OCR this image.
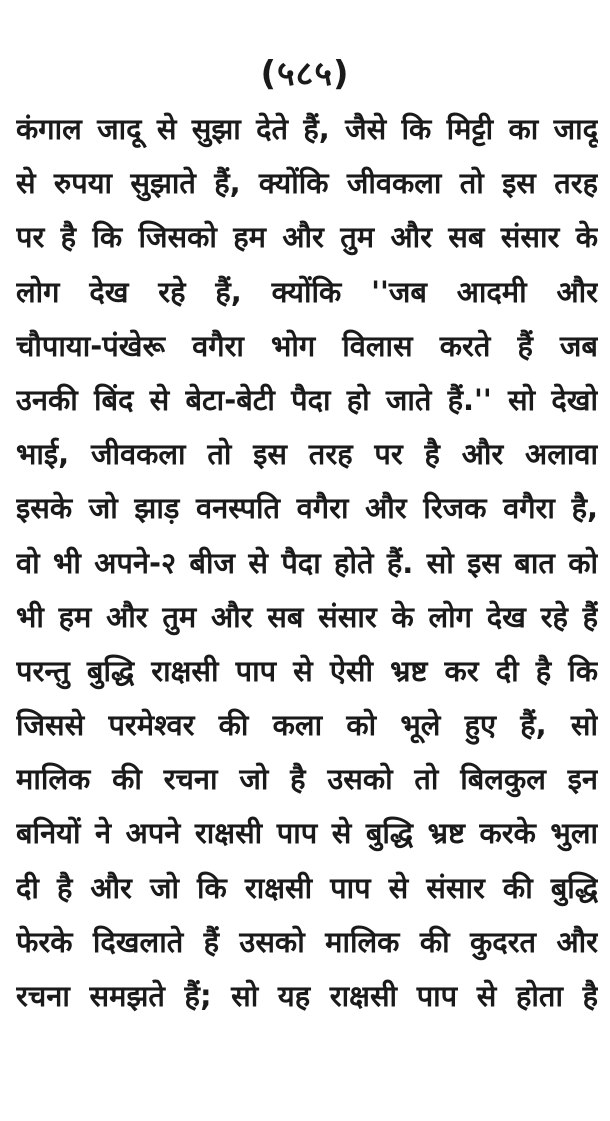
(५८५)
कंगाल जादू से सुझा देते हैं, जैसे कि मिट्टी का जादू
से रुपया सुझाते हैं, क्योंकि जीवकला तो इस तरह
पर है कि जिसको हम और तुम और सब संसार के
लोग देख रहे हैं, क्योंकि ''जब आदमी और
चौपाया-पंखेरू वगैरा भोग विलास करते हैं जब
उनकी बिंद से बेटा-बेटी पैदा हो जाते हैं.'' सो देखो
भाई, जीवकला तो इस तरह पर है और अलावा
इसके जो झाड़ वनस्पति वगैरा और रिजक वगैरा है,
वो भी अपने-२ बीज से पैदा होते हैं. सो इस बात को
भी हम और तुम और सब संसार के लोग देख रहे हैं
परन्तु बुद्धि राक्षसी पाप से ऐसी भ्रष्ट कर दी है कि
जिससे परमेश्वर की कला को भूले हुए हैं, सो
मालिक की रचना जो है उसको तो बिलकुल इन
बनियों ने अपने राक्षसी पाप से बुद्धि भ्रष्ट करके भुला
दी है और जो कि राक्षसी पाप से संसार की बुद्धि
फेरके दिखलाते हैं उसको मालिक की कुदरत और
रचना समझते हैं; सो यह राक्षसी पाप से होता है
